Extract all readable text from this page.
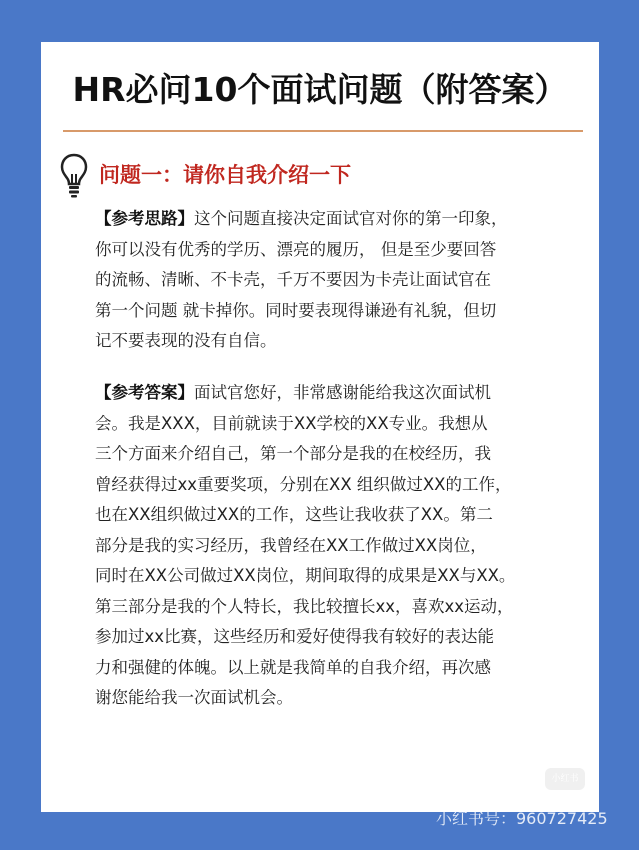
HR必问10个面试问题（附答案）
问题一：请你自我介绍一下
【参考思路】这个问题直接决定面试官对你的第一印象，
你可以没有优秀的学历、漂亮的履历， 但是至少要回答
的流畅、清晰、不卡壳，千万不要因为卡壳让面试官在
第一个问题 就卡掉你。同时要表现得谦逊有礼貌，但切
记不要表现的没有自信。
【参考答案】面试官您好，非常感谢能给我这次面试机
会。我是XXX，目前就读于XX学校的XX专业。我想从
三个方面来介绍自己，第一个部分是我的在校经历，我
曾经获得过xx重要奖项，分别在XX 组织做过XX的工作，
也在XX组织做过XX的工作，这些让我收获了XX。第二
部分是我的实习经历，我曾经在XX工作做过XX岗位，
同时在XX公司做过XX岗位，期间取得的成果是XX与XX。
第三部分是我的个人特长，我比较擅长xx，喜欢xx运动，
参加过xx比赛，这些经历和爱好使得我有较好的表达能
力和强健的体魄。以上就是我简单的自我介绍，再次感
谢您能给我一次面试机会。
小红书
小红书号：960727425
